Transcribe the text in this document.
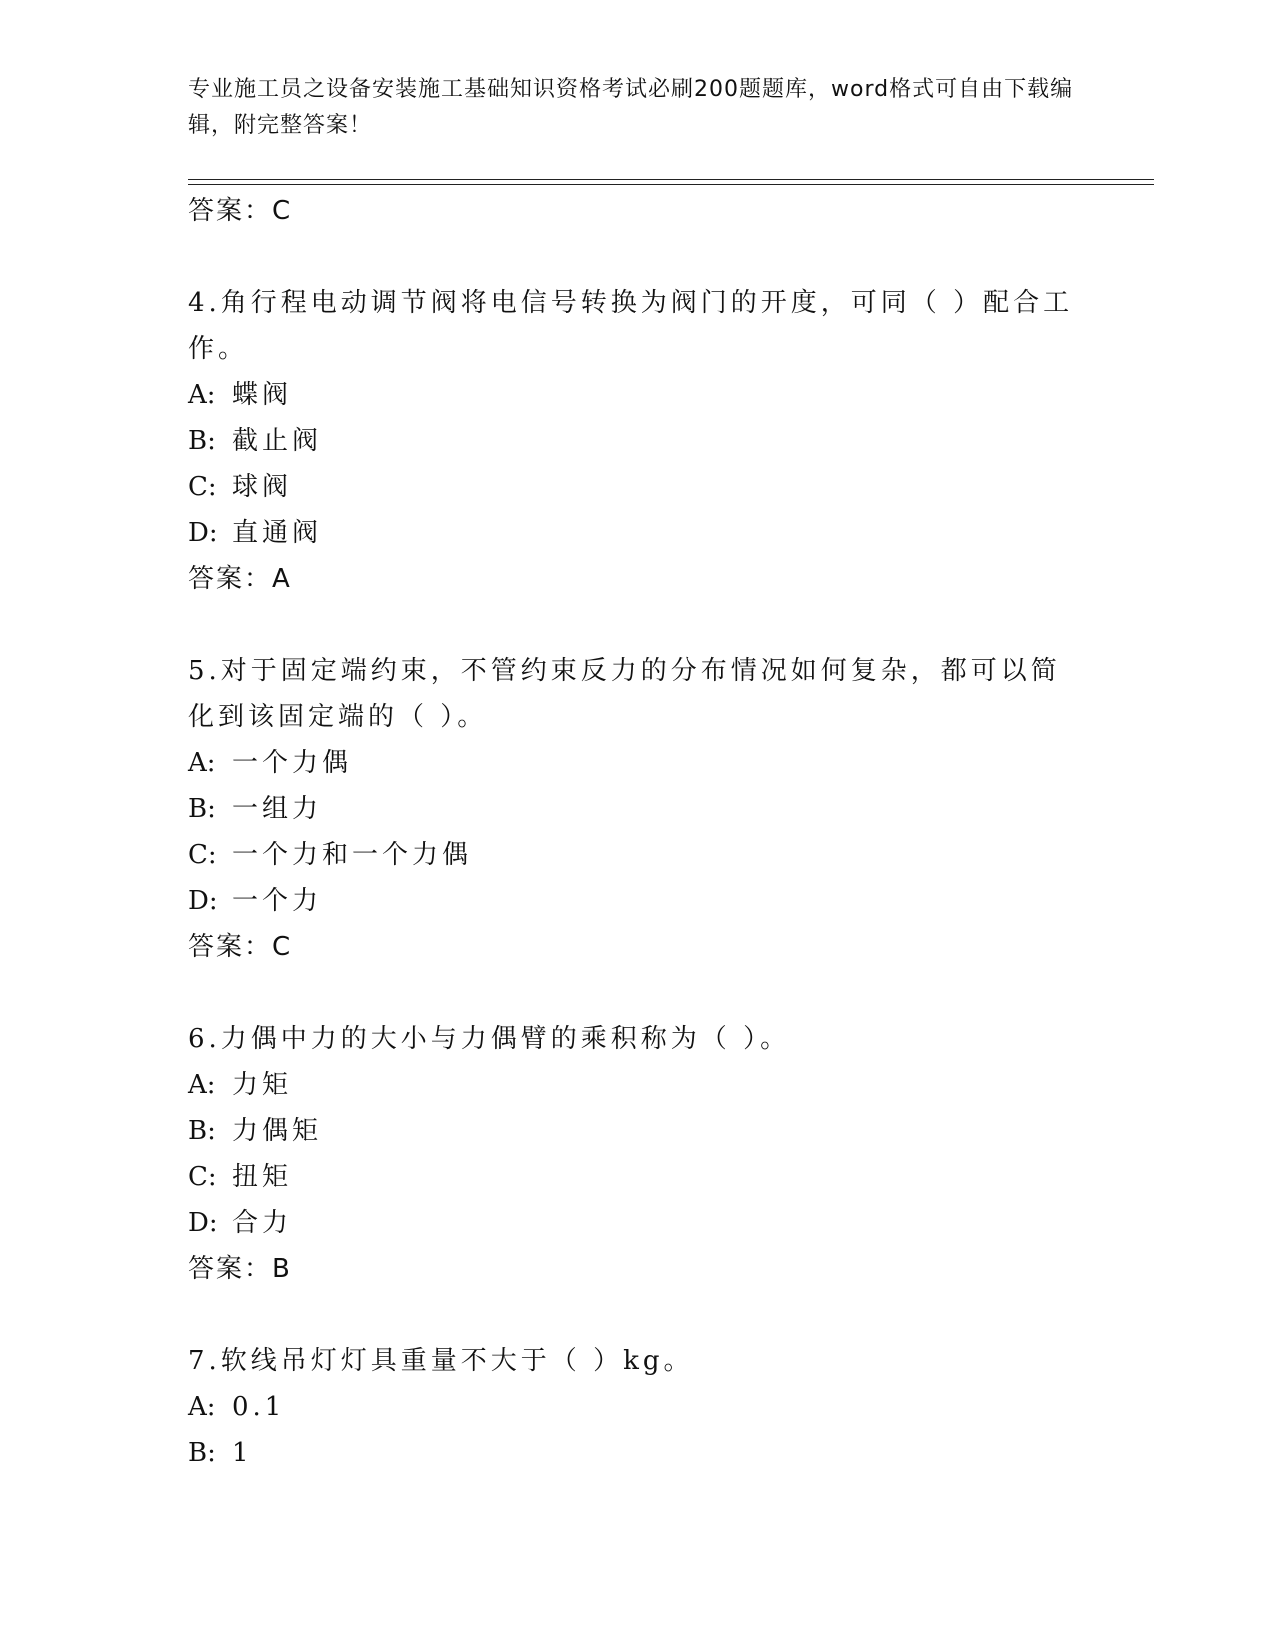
专业施工员之设备安装施工基础知识资格考试必刷200题题库，word格式可自由下载编辑，附完整答案！

答案：C

4.角行程电动调节阀将电信号转换为阀门的开度，可同（ ）配合工作。

A: 蝶阀

B: 截止阀

C: 球阀

D: 直通阀

答案：A

5.对于固定端约束，不管约束反力的分布情况如何复杂，都可以简化到该固定端的（ ）。

A: 一个力偶

B: 一组力

C: 一个力和一个力偶

D: 一个力

答案：C

6.力偶中力的大小与力偶臂的乘积称为（ ）。

A: 力矩

B: 力偶矩

C: 扭矩

D: 合力

答案：B

7.软线吊灯灯具重量不大于（ ）kg。

A: 0.1

B: 1
